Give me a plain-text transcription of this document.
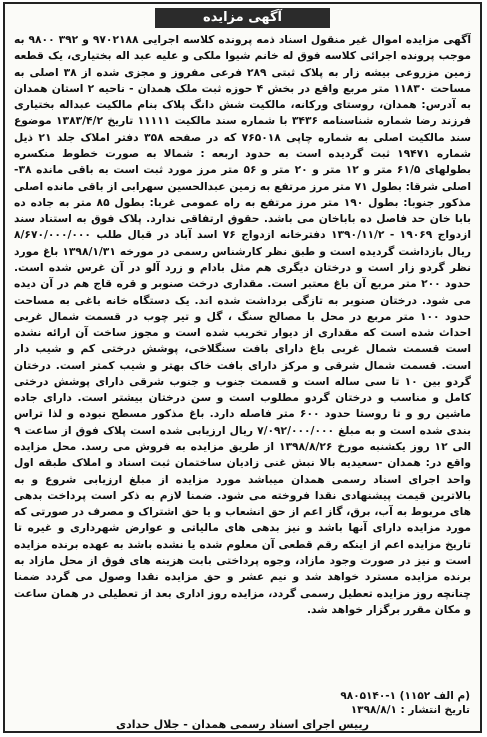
آگهی مزایده
آگهی مزایده اموال غیر منقول اسناد ذمه پرونده کلاسه اجرایی ۹۷۰۲۱۸۸ و ۳۹۲ ۹۸۰۰ به موجب پرونده اجرائی کلاسه فوق له خانم شیوا ملکی و علیه عبد اله بختیاری، یک قطعه زمین مزروعی بیشه زار به پلاک ثبتی ۲۸۹ فرعی مفروز و مجزی شده از ۳۸ اصلی به مساحت ۱۱۸۳۰ متر مربع واقع در بخش ۴ حوزه ثبت ملک همدان - ناحیه ۲ استان همدان به آدرس: همدان، روستای ورکانه، مالکیت شش دانگ پلاک بنام مالکیت عبداله بختیاری فرزند رضا شماره شناسنامه ۳۴۳۶ با شماره سند مالکیت ۱۱۱۱۱ تاریخ ۱۳۸۳/۴/۲ موضوع سند مالکیت اصلی به شماره چاپی ۷۶۵۰۱۸ که در صفحه ۳۵۸ دفتر املاک جلد ۲۱ ذیل شماره ۱۹۴۷۱ ثبت گردیده است به حدود اربعه : شمالا به صورت خطوط منکسره بطولهای ۶۱/۵ متر و ۱۲ متر و ۲۰ متر و ۵۶ متر مرز مورد ثبت است به باقی مانده ۳۸-اصلی شرقا: بطول ۷۱ متر مرز مرتفع به زمین عبدالحسین سهرابی از باقی مانده اصلی مذکور جنوبا: بطول ۱۹۰ متر مرز مرتفع به راه عمومی غربا: بطول ۸۵ متر به جاده ده بابا خان حد فاصل ده باباخان می باشد. حقوق ارتفاقی ندارد. پلاک فوق به استناد سند ازدواج ۱۹۰۶۹ - ۱۳۹۰/۱۱/۲ دفترخانه ازدواج ۷۶ اسد آباد در قبال طلب ۸/۶۷۰/۰۰۰/۰۰۰ ریال بازداشت گردیده است و طبق نظر کارشناس رسمی در مورخه ۱۳۹۸/۱/۳۱ باغ مورد نظر گردو زار است و درختان دیگری هم مثل بادام و زرد آلو در آن غرس شده است. حدود ۲۰۰ متر مربع آن باغ معتبر است. مقداری درخت صنوبر و قره قاج هم در آن دیده می شود. درختان صنوبر به تازگی برداشت شده اند. یک دستگاه خانه باغی به مساحت حدود ۱۰۰ متر مربع در محل با مصالح سنگ ، گل و تیر چوب در قسمت شمال غربی احداث شده است که مقداری از دیوار تخریب شده است و مجوز ساخت آن ارائه نشده است قسمت شمال غربی باغ دارای بافت سنگلاخی، پوشش درختی کم و شیب دار است. قسمت شمال شرقی و مرکز دارای بافت خاک بهتر و شیب کمتر است. درختان گردو بین ۱۰ تا سی ساله است و قسمت جنوب و جنوب شرقی دارای پوشش درختی کامل و مناسب و درختان گردو مطلوب است و سن درختان بیشتر است. دارای جاده ماشین رو و تا روستا حدود ۶۰۰ متر فاصله دارد. باغ مذکور مسطح نبوده و لذا تراس بندی شده است و به مبلغ ۷/۰۹۲/۰۰۰/۰۰۰ ریال ارزیابی شده است پلاک فوق از ساعت ۹ الی ۱۲ روز یکشنبه مورخ ۱۳۹۸/۸/۲۶ از طریق مزایده به فروش می رسد. محل مزایده واقع در: همدان -سعیدیه بالا نبش غنی زادیان ساختمان ثبت اسناد و املاک طبقه اول واحد اجرای اسناد رسمی همدان میباشد مورد مزایده از مبلغ ارزیابی شروع و به بالاترین قیمت پیشنهادی نقدا فروخته می شود. ضمنا لازم به ذکر است پرداخت بدهی های مربوط به آب، برق، گاز اعم از حق انشعاب و یا حق اشتراک و مصرف در صورتی که مورد مزایده دارای آنها باشد و نیز بدهی های مالیاتی و عوارض شهرداری و غیره تا تاریخ مزایده اعم از اینکه رقم قطعی آن معلوم شده یا نشده باشد به عهده برنده مزایده است و نیز در صورت وجود مازاد، وجوه پرداختی بابت هزینه های فوق از محل مازاد به برنده مزایده مسترد خواهد شد و نیم عشر و حق مزایده نقدا وصول می گردد ضمنا چنانچه روز مزایده تعطیل رسمی گردد، مزایده روز اداری بعد از تعطیلی در همان ساعت و مکان مقرر برگزار خواهد شد.
(م الف ۱۱۵۲) ۱-۹۸۰۵۱۴۰
تاریخ انتشار : ۱۳۹۸/۸/۱
رییس اجرای اسناد رسمی همدان - جلال حدادی
